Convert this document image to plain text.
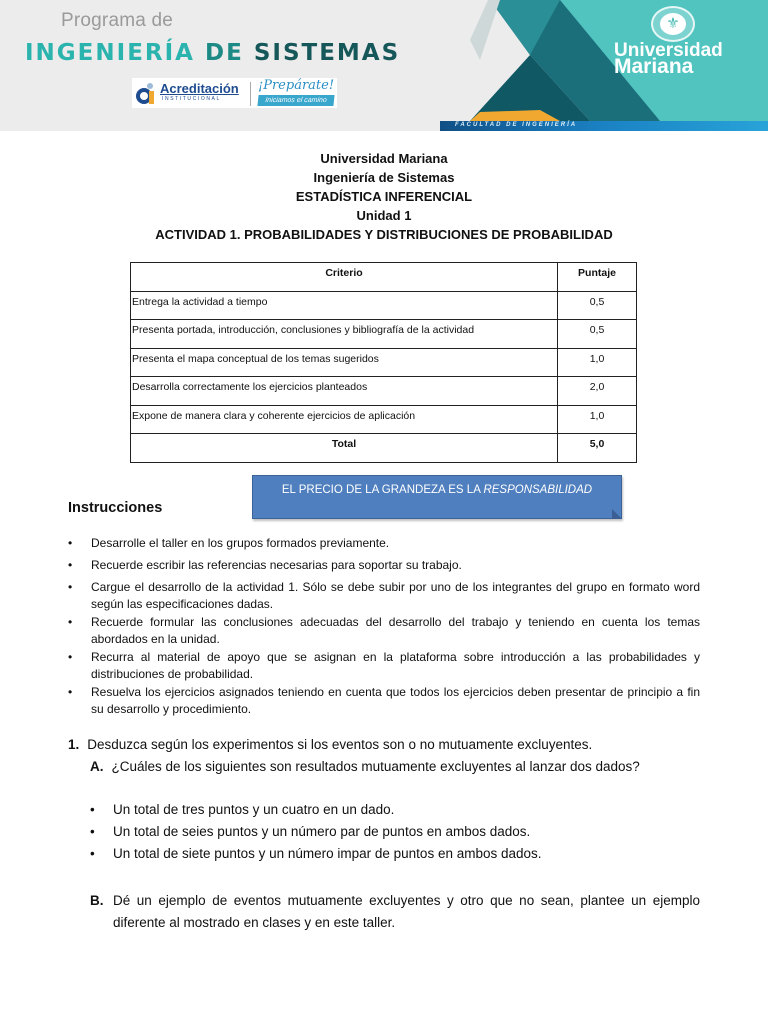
Programa de
INGENIERÍA DE SISTEMAS
Acreditación
INSTITUCIONAL
¡Prepárate!
Iniciamos el camino
⚜
Universidad
Mariana
FACULTAD DE INGENIERÍA
Universidad Mariana
Ingeniería de Sistemas
ESTADÍSTICA INFERENCIAL
Unidad 1
ACTIVIDAD 1. PROBABILIDADES Y DISTRIBUCIONES DE PROBABILIDAD
Criterio	Puntaje
Entrega la actividad a tiempo	0,5
Presenta portada, introducción, conclusiones y bibliografía de la actividad	0,5
Presenta el mapa conceptual de los temas sugeridos	1,0
Desarrolla correctamente los ejercicios planteados	2,0
Expone de manera clara y coherente ejercicios de aplicación	1,0
Total	5,0
EL PRECIO DE LA GRANDEZA ES LA RESPONSABILIDAD
Instrucciones
• Desarrolle el taller en los grupos formados previamente.
• Recuerde escribir las referencias necesarias para soportar su trabajo.
• Cargue el desarrollo de la actividad 1. Sólo se debe subir por uno de los integrantes del grupo en formato word según las especificaciones dadas.
• Recuerde formular las conclusiones adecuadas del desarrollo del trabajo y teniendo en cuenta los temas abordados en la unidad.
• Recurra al material de apoyo que se asignan en la plataforma sobre introducción a las probabilidades y distribuciones de probabilidad.
• Resuelva los ejercicios asignados teniendo en cuenta que todos los ejercicios deben presentar de principio a fin su desarrollo y procedimiento.
1. Desduzca según los experimentos si los eventos son o no mutuamente excluyentes.
A. ¿Cuáles de los siguientes son resultados mutuamente excluyentes al lanzar dos dados?
• Un total de tres puntos y un cuatro en un dado.
• Un total de seies puntos y un número par de puntos en ambos dados.
• Un total de siete puntos y un número impar de puntos en ambos dados.
B. Dé un ejemplo de eventos mutuamente excluyentes y otro que no sean, plantee un ejemplo diferente al mostrado en clases y en este taller.
